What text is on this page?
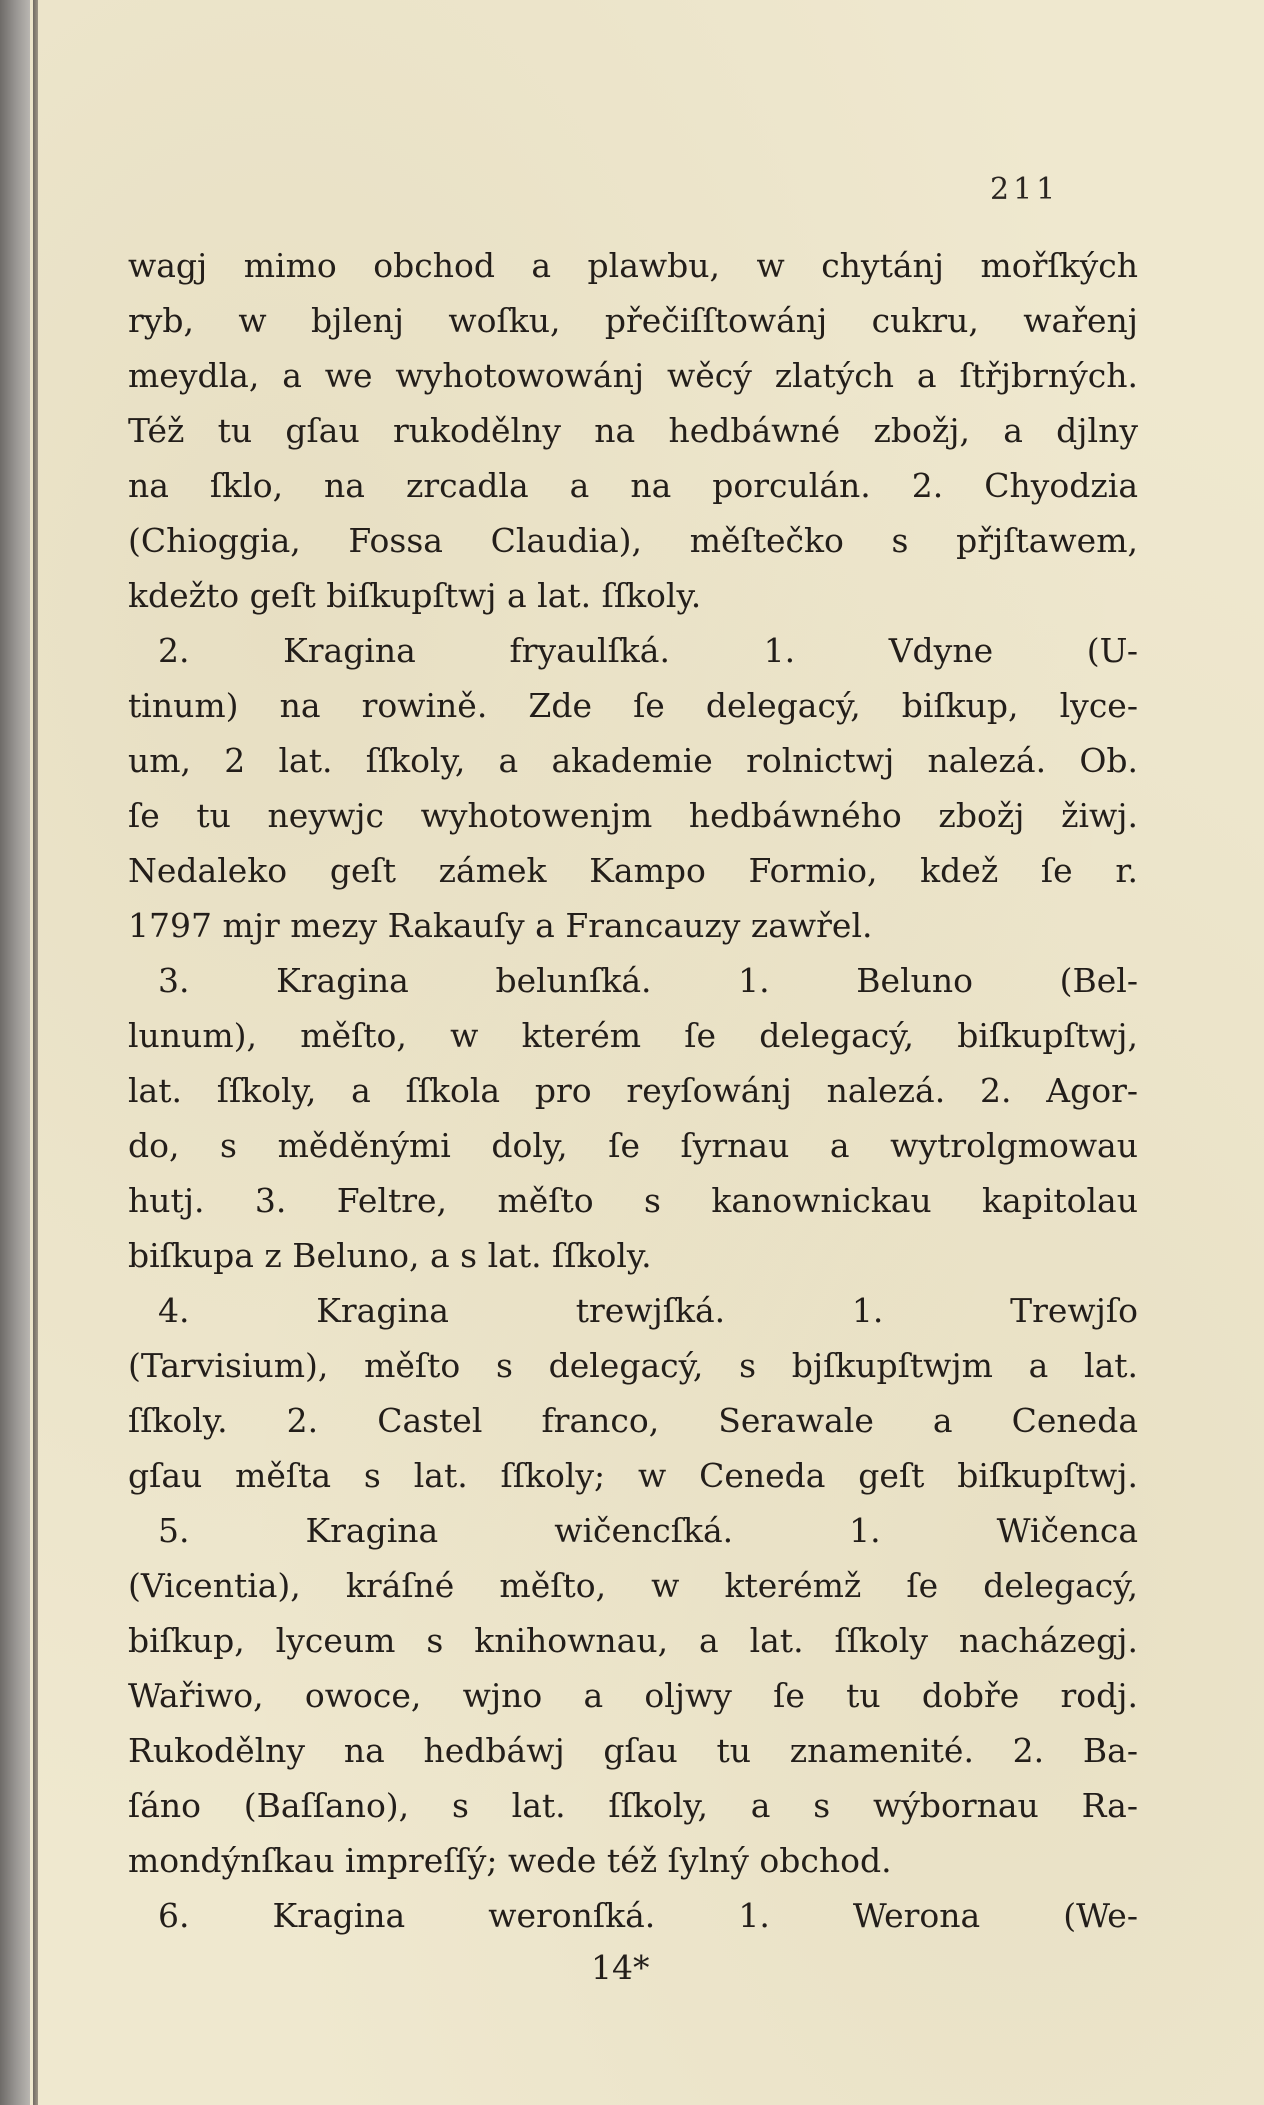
211
wagj mimo obchod a plawbu, w chytánj mořſkých
ryb, w bjlenj woſku, přečiſſtowánj cukru, wařenj
meydla, a we wyhotowowánj wěcý zlatých a ſtřjbrných.
Též tu gſau rukodělny na hedbáwné zbožj, a djlny
na ſklo, na zrcadla a na porculán. 2. Chyodzia
(Chioggia, Fossa Claudia), měſtečko s přjſtawem,
kdežto geſt biſkupſtwj a lat. ſſkoly.
2. Kragina fryaulſká. 1. Vdyne (U-
tinum) na rowině. Zde ſe delegacý, biſkup, lyce-
um, 2 lat. ſſkoly, a akademie rolnictwj nalezá. Ob.
ſe tu neywjc wyhotowenjm hedbáwného zbožj žiwj.
Nedaleko geſt zámek Kampo Formio, kdež ſe r.
1797 mjr mezy Rakauſy a Francauzy zawřel.
3. Kragina belunſká. 1. Beluno (Bel-
lunum), měſto, w kterém ſe delegacý, biſkupſtwj,
lat. ſſkoly, a ſſkola pro reyſowánj nalezá. 2. Agor-
do, s měděnými doly, ſe ſyrnau a wytrolgmowau
hutj. 3. Feltre, měſto s kanownickau kapitolau
biſkupa z Beluno, a s lat. ſſkoly.
4. Kragina trewjſká. 1. Trewjſo
(Tarvisium), měſto s delegacý, s bjſkupſtwjm a lat.
ſſkoly. 2. Castel franco, Serawale a Ceneda
gſau měſta s lat. ſſkoly; w Ceneda geſt biſkupſtwj.
5. Kragina wičencſká. 1. Wičenca
(Vicentia), kráſné měſto, w kterémž ſe delegacý,
biſkup, lyceum s knihownau, a lat. ſſkoly nacházegj.
Wařiwo, owoce, wjno a oljwy ſe tu dobře rodj.
Rukodělny na hedbáwj gſau tu znamenité. 2. Ba-
ſáno (Baſſano), s lat. ſſkoly, a s wýbornau Ra-
mondýnſkau impreſſý; wede též ſylný obchod.
6. Kragina weronſká. 1. Werona (We-
14*
